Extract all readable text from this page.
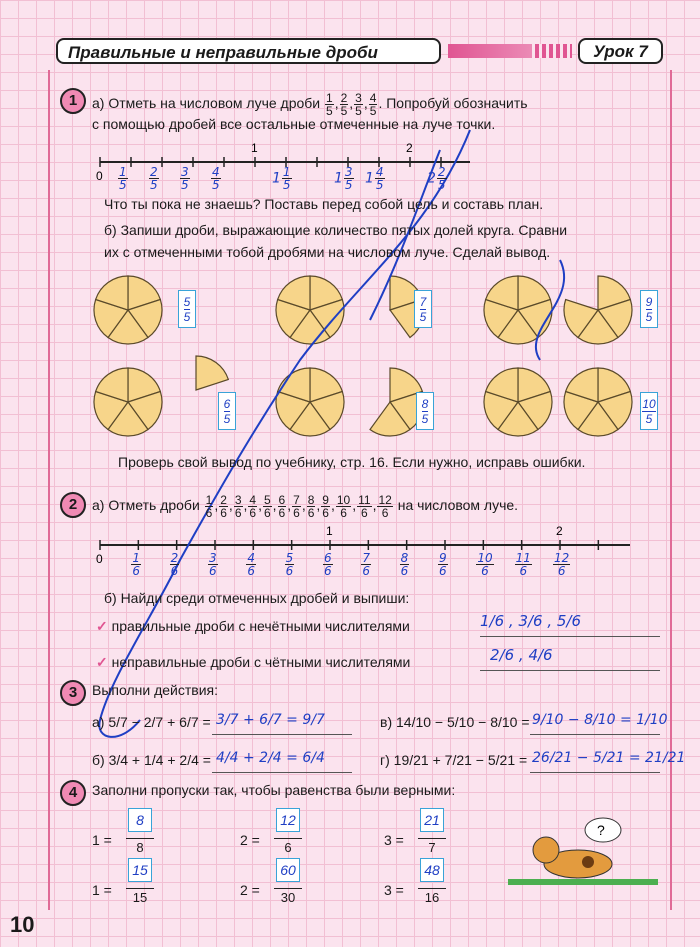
Правильные и неправильные дроби	Урок 7
1	а) Отметь на числовом луче дроби $\frac{1}{5}$ , $\frac{2}{5}$ , $\frac{3}{5}$ , $\frac{4}{5}$ . Попробуй обозначить
с помощью дробей все остальные отмеченные на луче точки.
0
1	2
0
1	2
$\frac{1}{5} \frac{2}{5} \frac{3}{5} \frac{4}{5}$	$1 \frac{1}{5}$	$1 \frac{3}{5} 1 \frac{4}{5}$	$2 \frac{2}{5}$
Что ты пока не знаешь? Поставь перед собой цель и составь план.
б) Запиши дроби, выражающие количество пятых долей круга. Сравни
их с отмеченными тобой дробями на числовом луче. Сделай вывод.
5
5
7
5
9
5
6
5
8
5
10
5
Проверь свой вывод по учебнику, стр. 16. Если нужно, исправь ошибки.
2	а) Отметь дроби $\frac{1}{6}$ , $\frac{2}{6}$ , $\frac{3}{6}$ , $\frac{4}{6}$ , $\frac{5}{6}$ , $\frac{6}{6}$ , $\frac{7}{6}$ , $\frac{8}{6}$ , $\frac{9}{6}$ , $\frac{10}{6}$ , $\frac{11}{6}$ , $\frac{12}{6}$ на числовом луче.
$\frac{1}{6} \frac{2}{6} \frac{3}{6} \frac{4}{6} \frac{5}{6} \frac{6}{6} \frac{7}{6} \frac{8}{6} \frac{9}{6} \frac{10}{6} \frac{11}{6} \frac{12}{6}$
б) Найди среди отмеченных дробей и выпиши:
✓ правильные дроби с нечётными числителями	1/6 , 3/6 , 5/6
✓ неправильные дроби с чётными числителями	2/6 , 4/6
3	Выполни действия:
а) 5/7 − 2/7 + 6/7 = 3/7 + 6/7 = 9/7
б) 3/4 + 1/4 + 2/4 = 4/4 + 2/4 = 6/4
в) 14/10 − 5/10 − 8/10 = 9/10 − 8/10 = 1/10
г) 19/21 + 7/21 − 5/21 = 26/21 − 5/21 = 21/21
4	Заполни пропуски так, чтобы равенства были верными:
1 =
8
8	2 =
12
6	3 =
21
7
1 =
15
15	2 =
60
30	3 =
48
16
?
10
